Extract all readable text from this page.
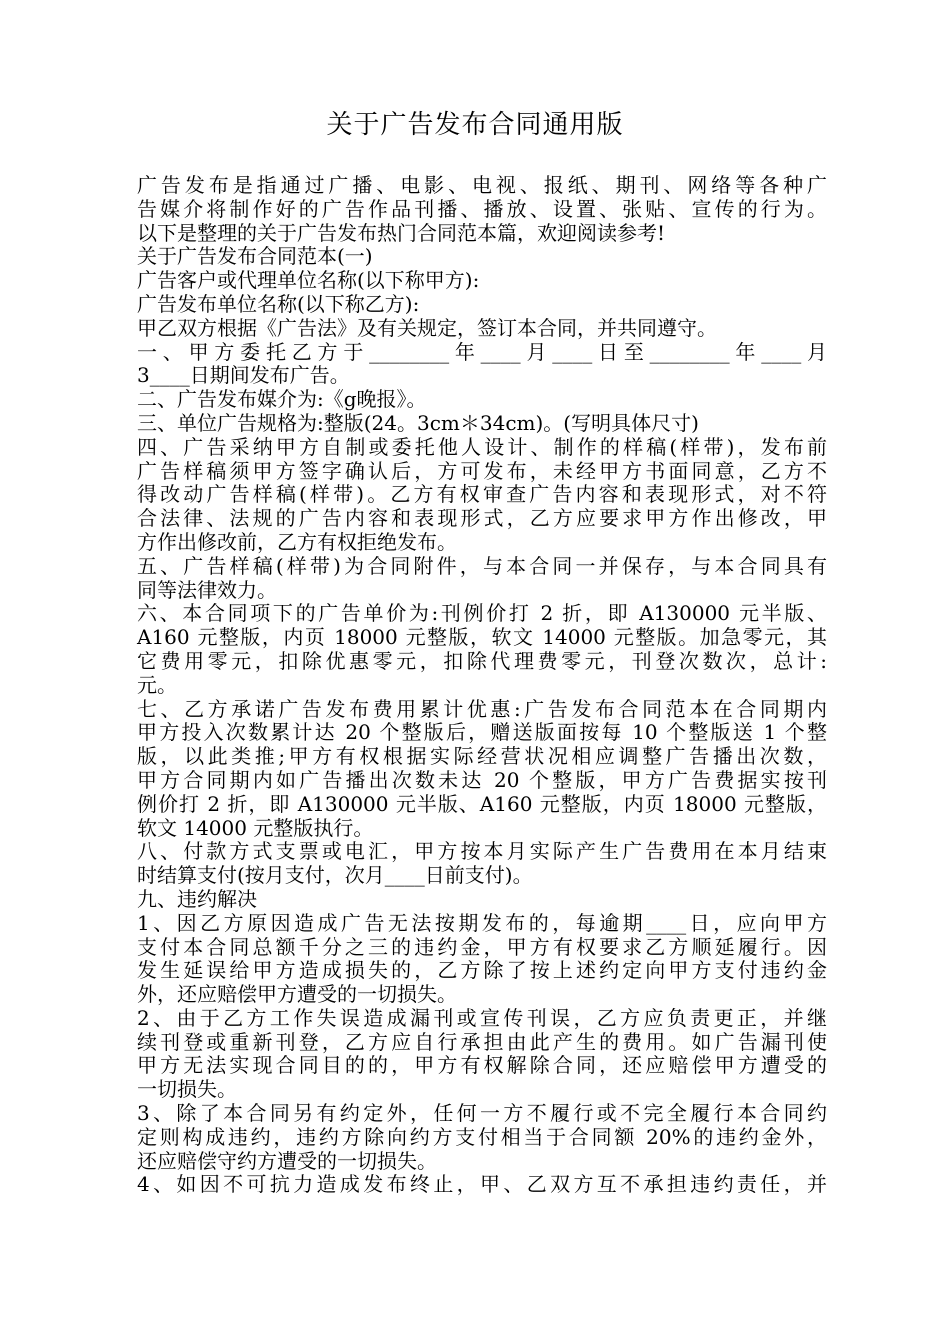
关于广告发布合同通用版
广告发布是指通过广播、电影、电视、报纸、期刊、网络等各种广
告媒介将制作好的广告作品刊播、播放、设置、张贴、宣传的行为。
以下是整理的关于广告发布热门合同范本篇，欢迎阅读参考!
关于广告发布合同范本(一)
广告客户或代理单位名称(以下称甲方):
广告发布单位名称(以下称乙方):
甲乙双方根据《广告法》及有关规定，签订本合同，并共同遵守。
一、甲方委托乙方于________年____月____日至________年____月
3____日期间发布广告。
二、广告发布媒介为:《g晚报》。
三、单位广告规格为:整版(24。3cm＊34cm)。(写明具体尺寸)
四、广告采纳甲方自制或委托他人设计、制作的样稿(样带)，发布前
广告样稿须甲方签字确认后，方可发布，未经甲方书面同意，乙方不
得改动广告样稿(样带)。乙方有权审查广告内容和表现形式，对不符
合法律、法规的广告内容和表现形式，乙方应要求甲方作出修改，甲
方作出修改前，乙方有权拒绝发布。
五、广告样稿(样带)为合同附件，与本合同一并保存，与本合同具有
同等法律效力。
六、本合同项下的广告单价为:刊例价打 2 折，即 A130000 元半版、
A160 元整版，内页 18000 元整版，软文 14000 元整版。加急零元，其
它费用零元，扣除优惠零元，扣除代理费零元，刊登次数次，总计:
元。
七、乙方承诺广告发布费用累计优惠:广告发布合同范本在合同期内
甲方投入次数累计达 20 个整版后，赠送版面按每 10 个整版送 1 个整
版，以此类推;甲方有权根据实际经营状况相应调整广告播出次数，
甲方合同期内如广告播出次数未达 20 个整版，甲方广告费据实按刊
例价打 2 折，即 A130000 元半版、A160 元整版，内页 18000 元整版，
软文 14000 元整版执行。
八、付款方式支票或电汇，甲方按本月实际产生广告费用在本月结束
时结算支付(按月支付，次月____日前支付)。
九、违约解决
1、因乙方原因造成广告无法按期发布的，每逾期____日，应向甲方
支付本合同总额千分之三的违约金，甲方有权要求乙方顺延履行。因
发生延误给甲方造成损失的，乙方除了按上述约定向甲方支付违约金
外，还应赔偿甲方遭受的一切损失。
2、由于乙方工作失误造成漏刊或宣传刊误，乙方应负责更正，并继
续刊登或重新刊登，乙方应自行承担由此产生的费用。如广告漏刊使
甲方无法实现合同目的的，甲方有权解除合同，还应赔偿甲方遭受的
一切损失。
3、除了本合同另有约定外，任何一方不履行或不完全履行本合同约
定则构成违约，违约方除向约方支付相当于合同额 20%的违约金外，
还应赔偿守约方遭受的一切损失。
4、如因不可抗力造成发布终止，甲、乙双方互不承担违约责任，并
